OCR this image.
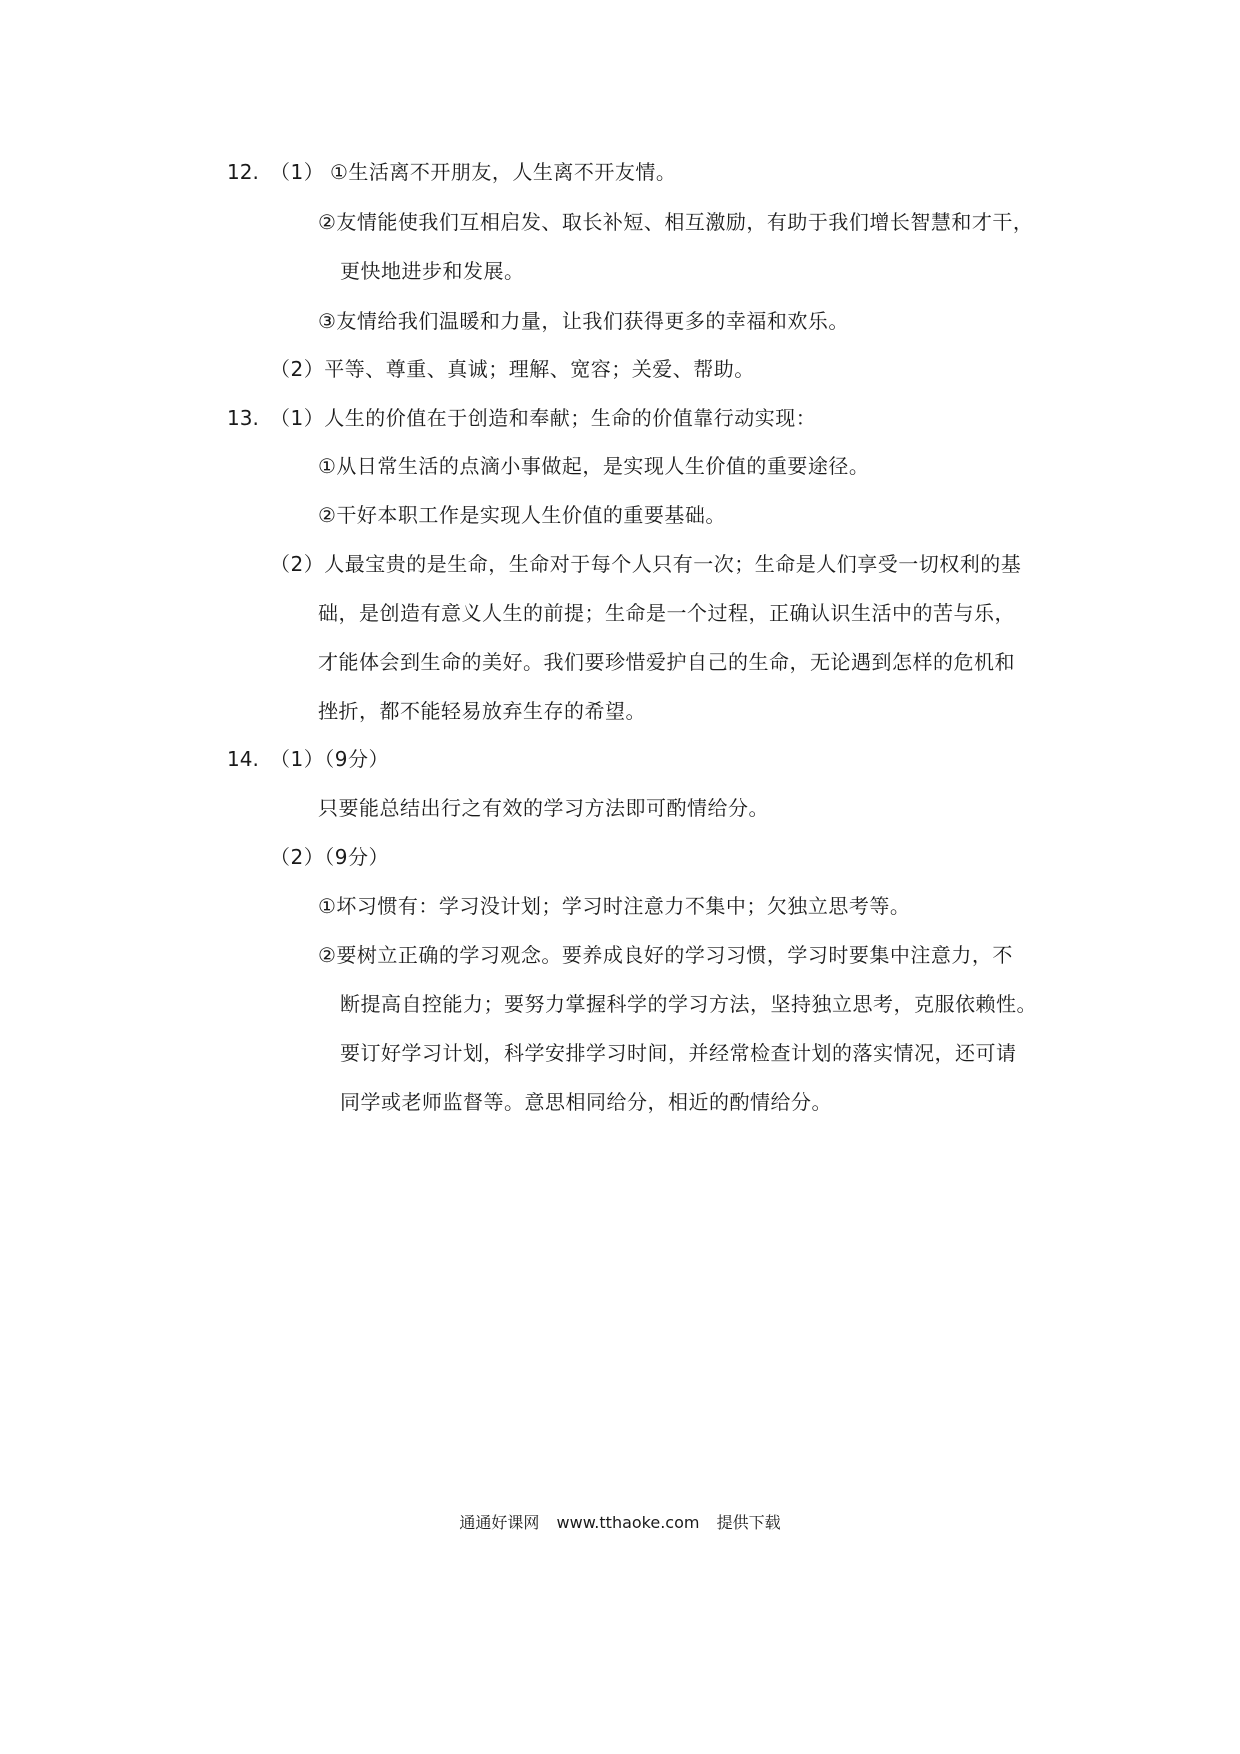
12. （1） ①生活离不开朋友，人生离不开友情。
②友情能使我们互相启发、取长补短、相互激励，有助于我们增长智慧和才干，
更快地进步和发展。
③友情给我们温暖和力量，让我们获得更多的幸福和欢乐。
（2）平等、尊重、真诚；理解、宽容；关爱、帮助。
13. （1）人生的价值在于创造和奉献；生命的价值靠行动实现：
①从日常生活的点滴小事做起，是实现人生价值的重要途径。
②干好本职工作是实现人生价值的重要基础。
（2）人最宝贵的是生命，生命对于每个人只有一次；生命是人们享受一切权利的基
础，是创造有意义人生的前提；生命是一个过程，正确认识生活中的苦与乐，
才能体会到生命的美好。我们要珍惜爱护自己的生命，无论遇到怎样的危机和
挫折，都不能轻易放弃生存的希望。
14. （1）（9分）
只要能总结出行之有效的学习方法即可酌情给分。
（2）（9分）
①坏习惯有：学习没计划；学习时注意力不集中；欠独立思考等。
②要树立正确的学习观念。要养成良好的学习习惯，学习时要集中注意力，不
断提高自控能力；要努力掌握科学的学习方法，坚持独立思考，克服依赖性。
要订好学习计划，科学安排学习时间，并经常检查计划的落实情况，还可请
同学或老师监督等。意思相同给分，相近的酌情给分。
通通好课网 www.tthaoke.com 提供下载
